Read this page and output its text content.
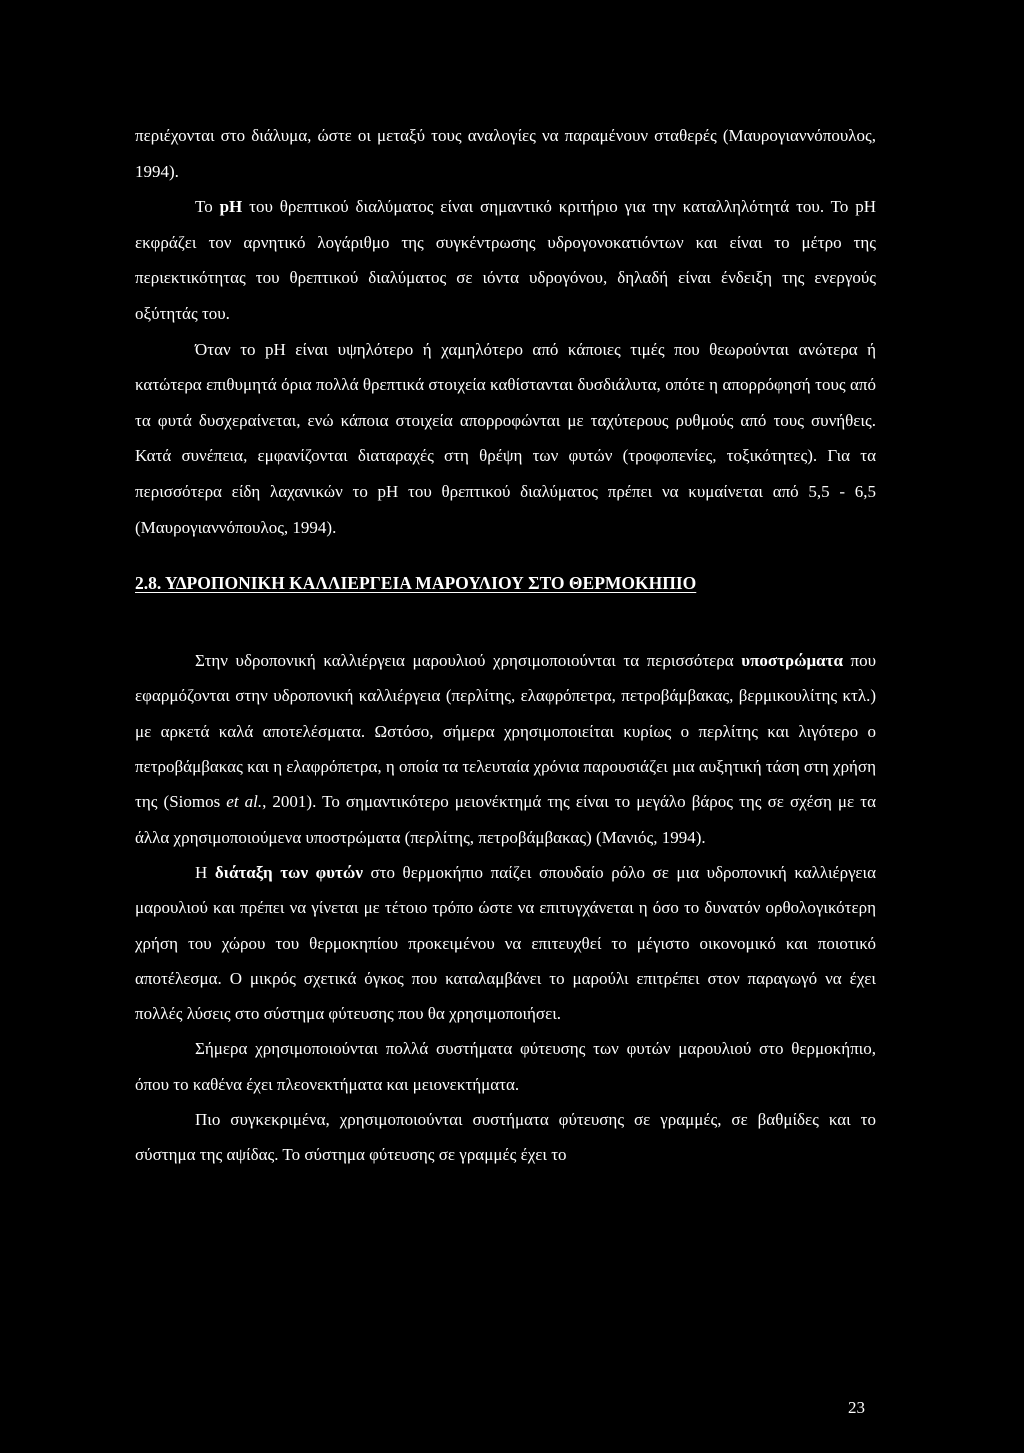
περιέχονται στο διάλυμα, ώστε οι μεταξύ τους αναλογίες να παραμένουν σταθερές (Μαυρογιαννόπουλος, 1994).

Το pH του θρεπτικού διαλύματος είναι σημαντικό κριτήριο για την καταλληλότητά του. Το pH εκφράζει τον αρνητικό λογάριθμο της συγκέντρωσης υδρογονοκατιόντων και είναι το μέτρο της περιεκτικότητας του θρεπτικού διαλύματος σε ιόντα υδρογόνου, δηλαδή είναι ένδειξη της ενεργούς οξύτητάς του.

Όταν το pH είναι υψηλότερο ή χαμηλότερο από κάποιες τιμές που θεωρούνται ανώτερα ή κατώτερα επιθυμητά όρια πολλά θρεπτικά στοιχεία καθίστανται δυσδιάλυτα, οπότε η απορρόφησή τους από τα φυτά δυσχεραίνεται, ενώ κάποια στοιχεία απορροφώνται με ταχύτερους ρυθμούς από τους συνήθεις. Κατά συνέπεια, εμφανίζονται διαταραχές στη θρέψη των φυτών (τροφοπενίες, τοξικότητες). Για τα περισσότερα είδη λαχανικών το pH του θρεπτικού διαλύματος πρέπει να κυμαίνεται από 5,5 - 6,5 (Μαυρογιαννόπουλος, 1994).

2.8. ΥΔΡΟΠΟΝΙΚΗ ΚΑΛΛΙΕΡΓΕΙΑ ΜΑΡΟΥΛΙΟΥ ΣΤΟ ΘΕΡΜΟΚΗΠΙΟ

Στην υδροπονική καλλιέργεια μαρουλιού χρησιμοποιούνται τα περισσότερα υποστρώματα που εφαρμόζονται στην υδροπονική καλλιέργεια (περλίτης, ελαφρόπετρα, πετροβάμβακας, βερμικουλίτης κτλ.) με αρκετά καλά αποτελέσματα. Ωστόσο, σήμερα χρησιμοποιείται κυρίως ο περλίτης και λιγότερο ο πετροβάμβακας και η ελαφρόπετρα, η οποία τα τελευταία χρόνια παρουσιάζει μια αυξητική τάση στη χρήση της (Siomos et al., 2001). Το σημαντικότερο μειονέκτημά της είναι το μεγάλο βάρος της σε σχέση με τα άλλα χρησιμοποιούμενα υποστρώματα (περλίτης, πετροβάμβακας) (Μανιός, 1994).

Η διάταξη των φυτών στο θερμοκήπιο παίζει σπουδαίο ρόλο σε μια υδροπονική καλλιέργεια μαρουλιού και πρέπει να γίνεται με τέτοιο τρόπο ώστε να επιτυγχάνεται η όσο το δυνατόν ορθολογικότερη χρήση του χώρου του θερμοκηπίου προκειμένου να επιτευχθεί το μέγιστο οικονομικό και ποιοτικό αποτέλεσμα. Ο μικρός σχετικά όγκος που καταλαμβάνει το μαρούλι επιτρέπει στον παραγωγό να έχει πολλές λύσεις στο σύστημα φύτευσης που θα χρησιμοποιήσει.

Σήμερα χρησιμοποιούνται πολλά συστήματα φύτευσης των φυτών μαρουλιού στο θερμοκήπιο, όπου το καθένα έχει πλεονεκτήματα και μειονεκτήματα.

Πιο συγκεκριμένα, χρησιμοποιούνται συστήματα φύτευσης σε γραμμές, σε βαθμίδες και το σύστημα της αψίδας. Το σύστημα φύτευσης σε γραμμές έχει το

23
